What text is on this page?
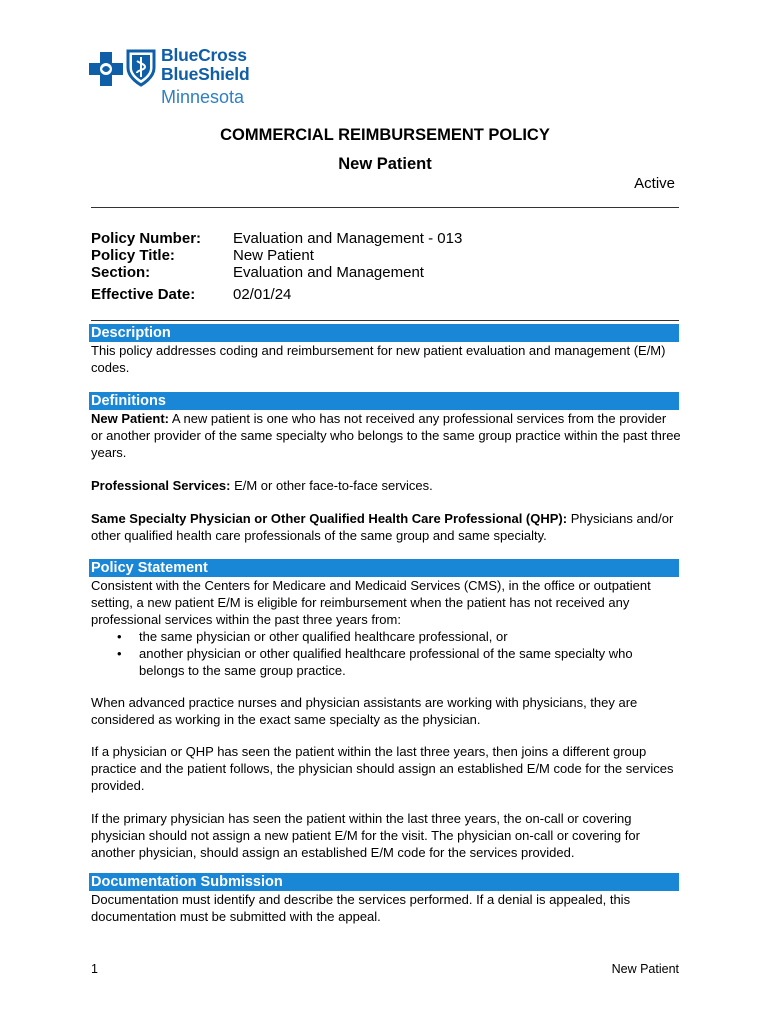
BlueCross
BlueShield
Minnesota
COMMERCIAL REIMBURSEMENT POLICY
New Patient
Active
Policy Number: Evaluation and Management - 013
Policy Title:	New Patient
Section:	Evaluation and Management
Effective Date:	02/01/24
Description

This policy addresses coding and reimbursement for new patient evaluation and management (E/M) codes.

Definitions

New Patient: A new patient is one who has not received any professional services from the provider or another provider of the same specialty who belongs to the same group practice within the past three years.

Professional Services: E/M or other face-to-face services.

Same Specialty Physician or Other Qualified Health Care Professional (QHP): Physicians and/or other qualified health care professionals of the same group and same specialty.

Policy Statement

Consistent with the Centers for Medicare and Medicaid Services (CMS), in the office or outpatient setting, a new patient E/M is eligible for reimbursement when the patient has not received any professional services within the past three years from:

• the same physician or other qualified healthcare professional, or
• another physician or other qualified healthcare professional of the same specialty who belongs to the same group practice.

When advanced practice nurses and physician assistants are working with physicians, they are considered as working in the exact same specialty as the physician.

If a physician or QHP has seen the patient within the last three years, then joins a different group practice and the patient follows, the physician should assign an established E/M code for the services provided.

If the primary physician has seen the patient within the last three years, the on-call or covering physician should not assign a new patient E/M for the visit. The physician on-call or covering for another physician, should assign an established E/M code for the services provided.

Documentation Submission

Documentation must identify and describe the services performed. If a denial is appealed, this documentation must be submitted with the appeal.

1	New Patient
